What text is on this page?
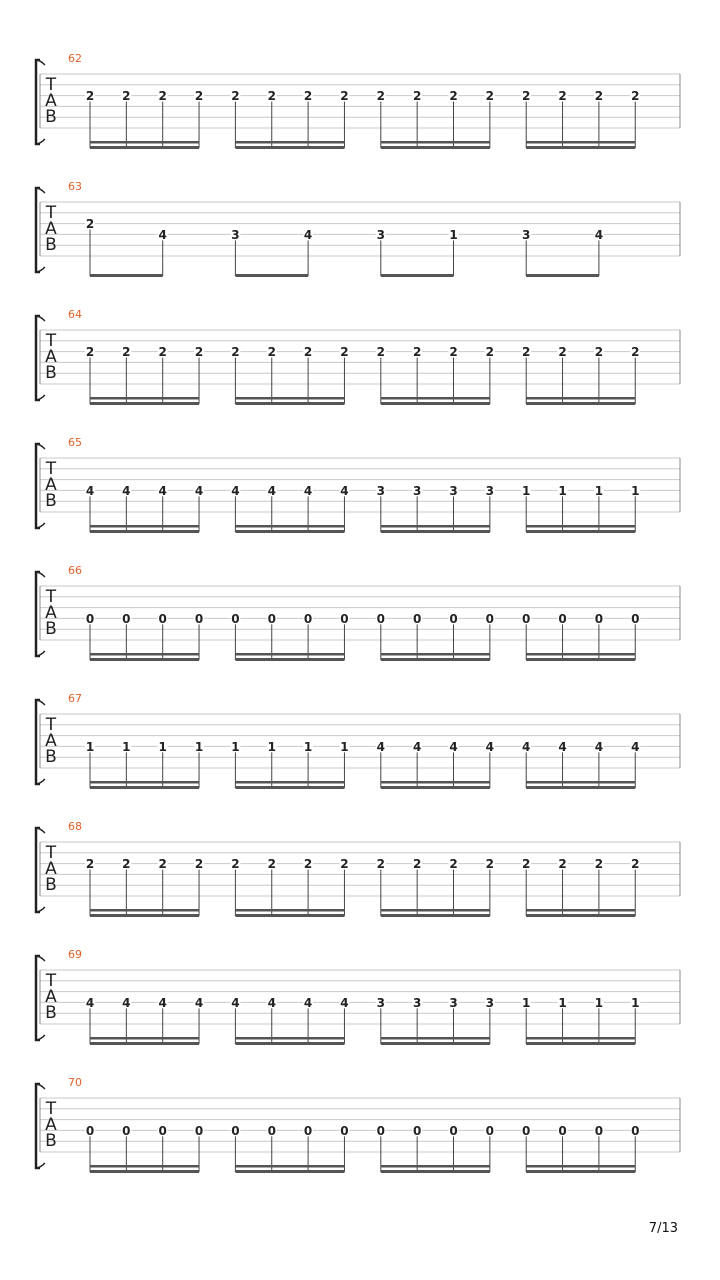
62
T
A
B
2 2 2 2 2 2 2 2 2 2 2 2 2 2 2 2
63
T
A
B
2
4	3	4	3	1	3	4
64
T
A
B
2 2 2 2 2 2 2 2 2 2 2 2 2 2 2 2
65
T
A
B
4 4 4 4 4 4 4 4 3 3 3 3 1 1 1 1
66
T
A
B
0 0 0 0 0 0 0 0 0 0 0 0 0 0 0 0
67
T
A
B
1 1 1 1 1 1 1 1 4 4 4 4 4 4 4 4
68
T
A
B
2 2 2 2 2 2 2 2 2 2 2 2 2 2 2 2
69
T
A
B
4 4 4 4 4 4 4 4 3 3 3 3 1 1 1 1
70
T
A
B
0 0 0 0 0 0 0 0 0 0 0 0 0 0 0 0
7/13
